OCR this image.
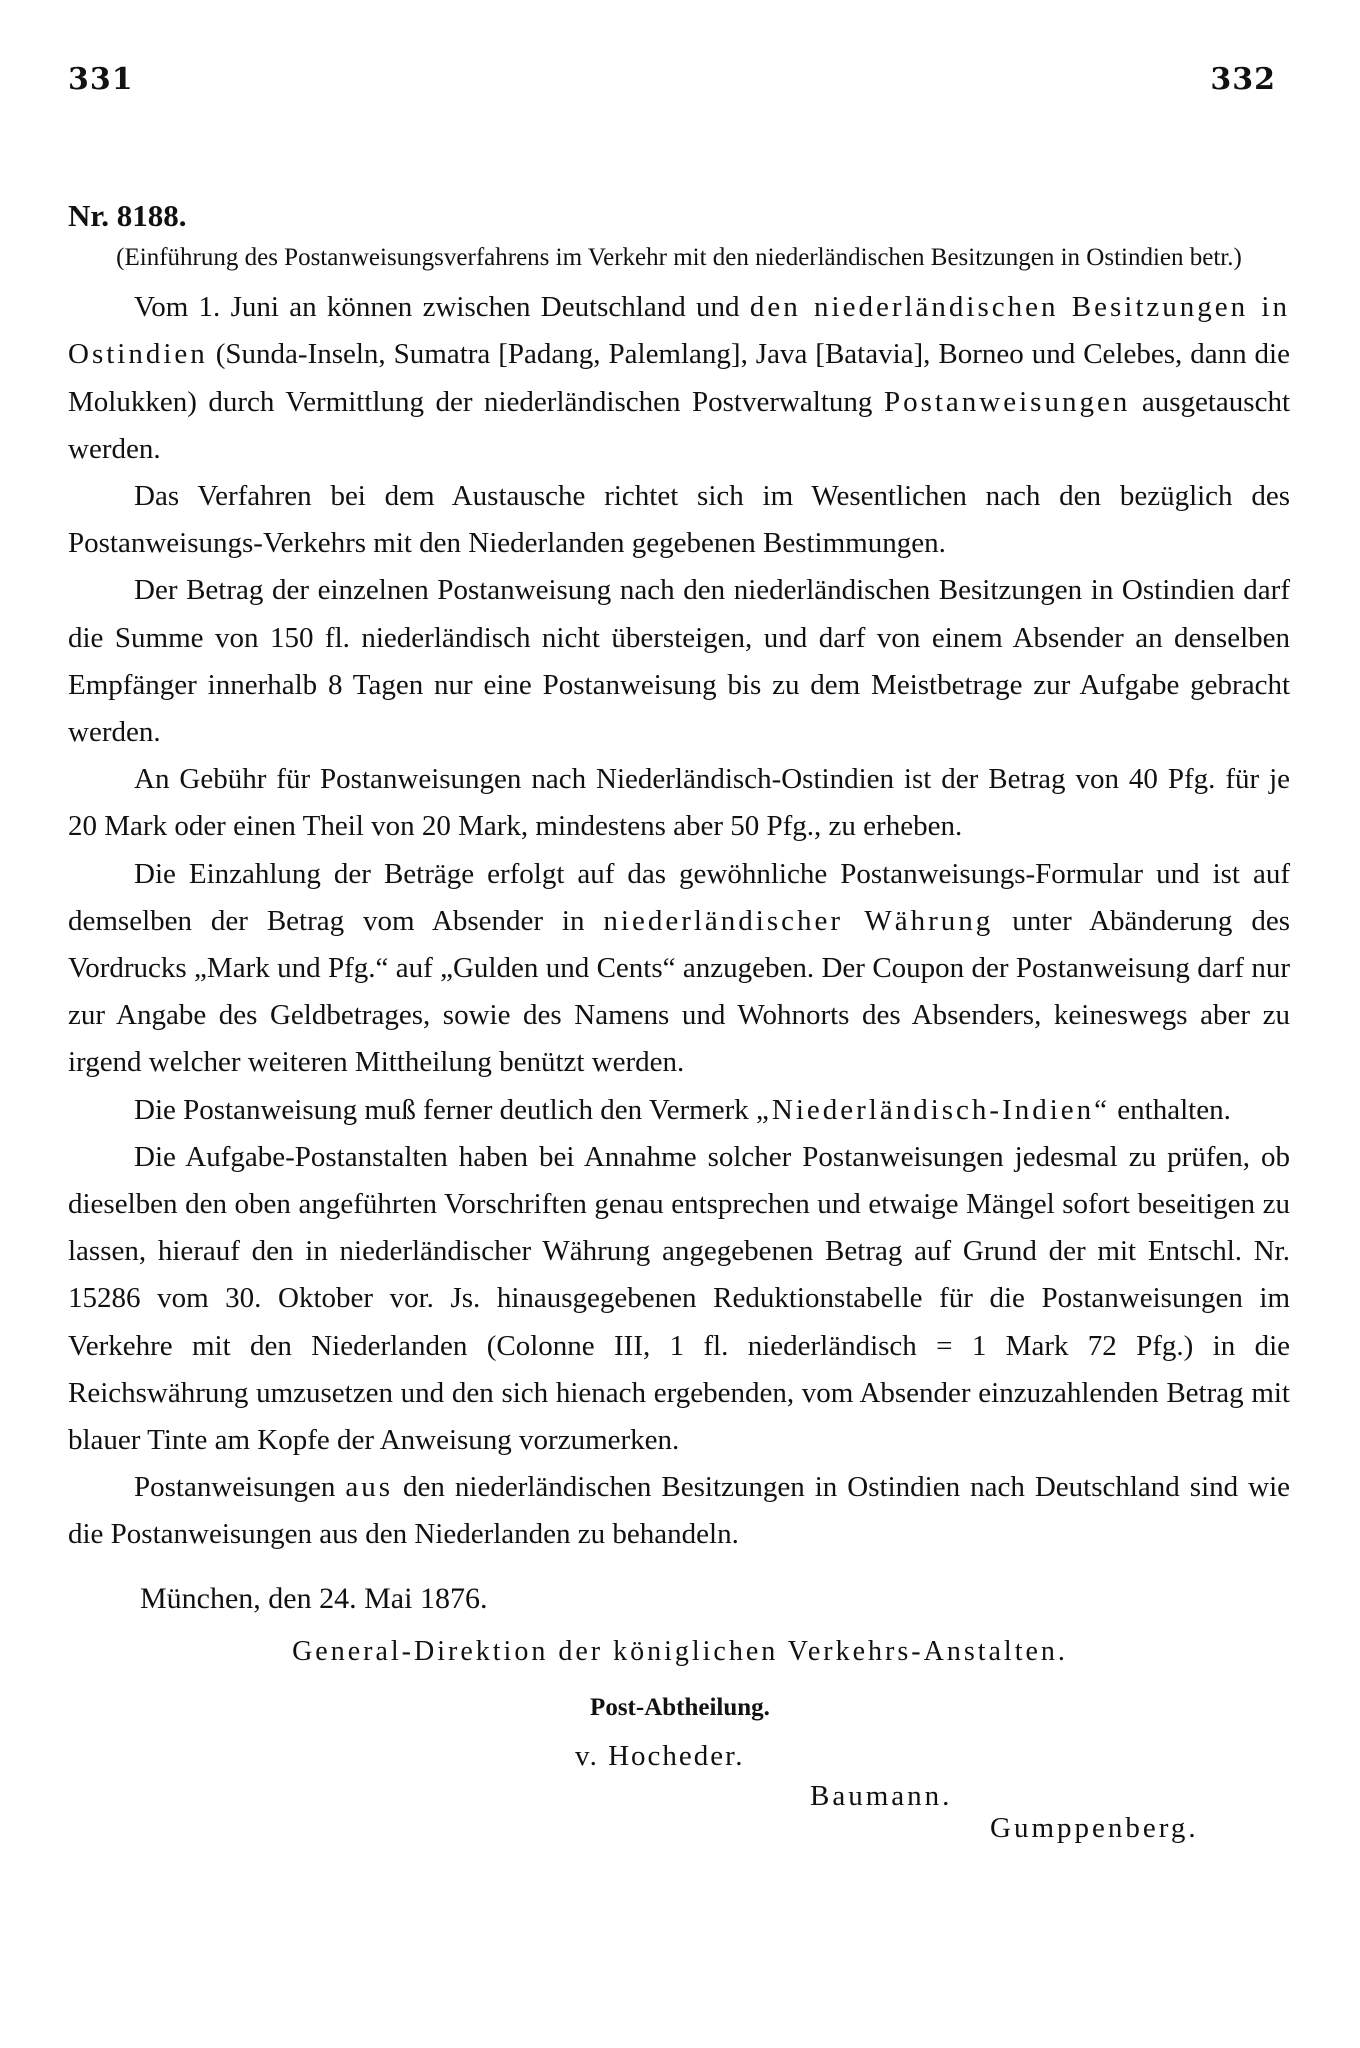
331	332

Nr. 8188.

(Einführung des Postanweisungsverfahrens im Verkehr mit den niederländischen Besitzungen in Ostindien betr.)

Vom 1. Juni an können zwischen Deutschland und den niederländischen Besitzungen in Ostindien (Sunda-Inseln, Sumatra [Padang, Palemlang], Java [Batavia], Borneo und Celebes, dann die Molukken) durch Vermittlung der niederländischen Postverwaltung Postanweisungen ausgetauscht werden.

Das Verfahren bei dem Austausche richtet sich im Wesentlichen nach den bezüglich des Postanweisungs-Verkehrs mit den Niederlanden gegebenen Bestimmungen.

Der Betrag der einzelnen Postanweisung nach den niederländischen Besitzungen in Ostindien darf die Summe von 150 fl. niederländisch nicht übersteigen, und darf von einem Absender an denselben Empfänger innerhalb 8 Tagen nur eine Postanweisung bis zu dem Meistbetrage zur Aufgabe gebracht werden.

An Gebühr für Postanweisungen nach Niederländisch-Ostindien ist der Betrag von 40 Pfg. für je 20 Mark oder einen Theil von 20 Mark, mindestens aber 50 Pfg., zu erheben.

Die Einzahlung der Beträge erfolgt auf das gewöhnliche Postanweisungs-Formular und ist auf demselben der Betrag vom Absender in niederländischer Währung unter Abänderung des Vordrucks „Mark und Pfg.“ auf „Gulden und Cents“ anzugeben. Der Coupon der Postanweisung darf nur zur Angabe des Geldbetrages, sowie des Namens und Wohnorts des Absenders, keineswegs aber zu irgend welcher weiteren Mittheilung benützt werden.

Die Postanweisung muß ferner deutlich den Vermerk „Niederländisch-Indien“ enthalten.

Die Aufgabe-Postanstalten haben bei Annahme solcher Postanweisungen jedesmal zu prüfen, ob dieselben den oben angeführten Vorschriften genau entsprechen und etwaige Mängel sofort beseitigen zu lassen, hierauf den in niederländischer Währung angegebenen Betrag auf Grund der mit Entschl. Nr. 15286 vom 30. Oktober vor. Js. hinausgegebenen Reduktionstabelle für die Postanweisungen im Verkehre mit den Niederlanden (Colonne III, 1 fl. niederländisch = 1 Mark 72 Pfg.) in die Reichswährung umzusetzen und den sich hienach ergebenden, vom Absender einzuzahlenden Betrag mit blauer Tinte am Kopfe der Anweisung vorzumerken.

Postanweisungen aus den niederländischen Besitzungen in Ostindien nach Deutschland sind wie die Postanweisungen aus den Niederlanden zu behandeln.

München, den 24. Mai 1876.
General-Direktion der königlichen Verkehrs-Anstalten.
Post-Abtheilung.
v. Hocheder.
Baumann.
Gumppenberg.
